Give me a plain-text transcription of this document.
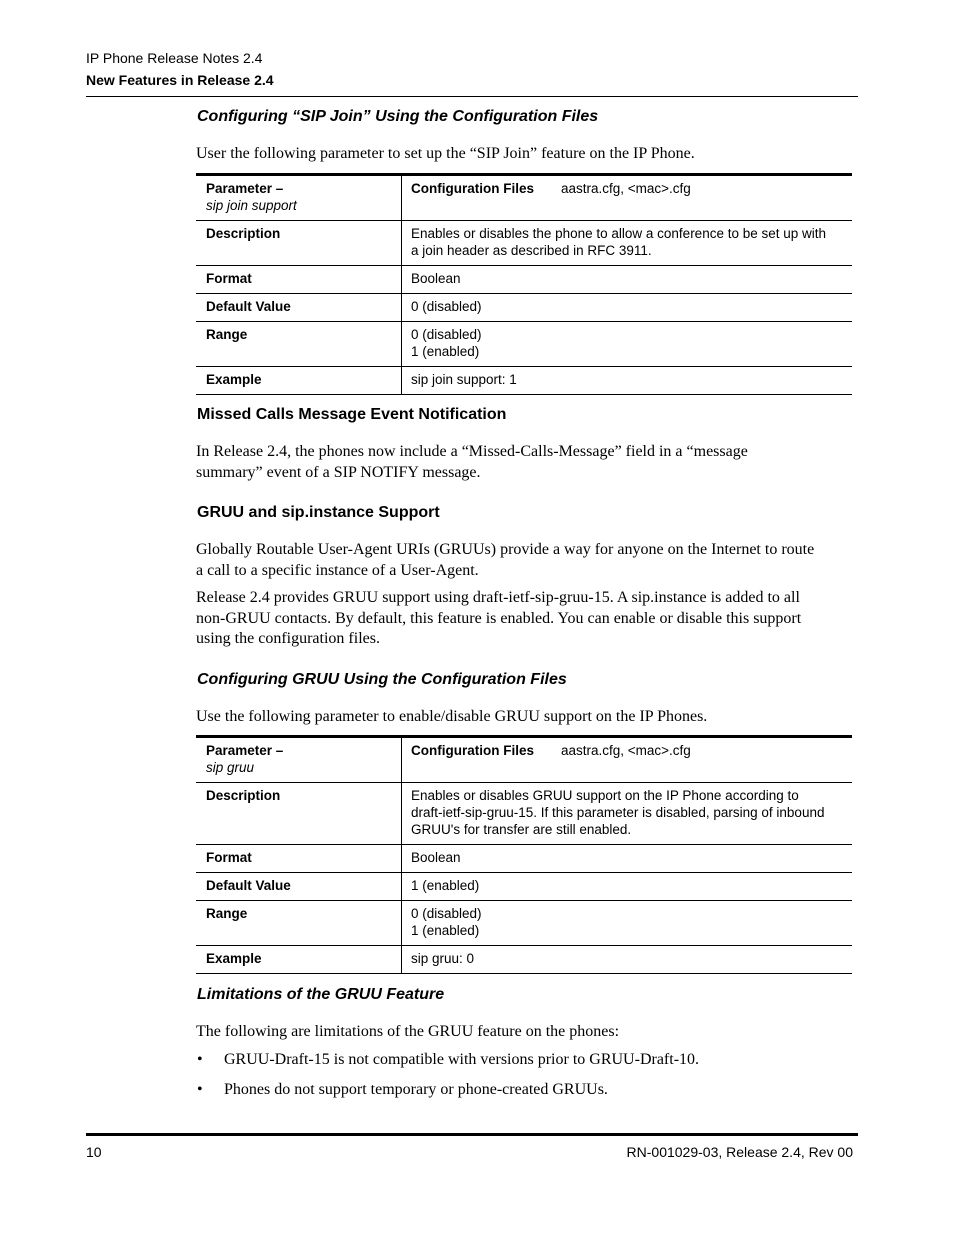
IP Phone Release Notes 2.4
New Features in Release 2.4
Configuring “SIP Join” Using the Configuration Files
User the following parameter to set up the “SIP Join” feature on the IP Phone.
Parameter –
sip join support	Configuration Files aastra.cfg, <mac>.cfg
Description	Enables or disables the phone to allow a conference to be set up with
a join header as described in RFC 3911.

Format	Boolean
Default Value	0 (disabled)
Range	0 (disabled)
1 (enabled)

Example	sip join support: 1
Missed Calls Message Event Notification
In Release 2.4, the phones now include a “Missed-Calls-Message” field in a “message
summary” event of a SIP NOTIFY message.
GRUU and sip.instance Support
Globally Routable User-Agent URIs (GRUUs) provide a way for anyone on the Internet to route
a call to a specific instance of a User-Agent.
Release 2.4 provides GRUU support using draft-ietf-sip-gruu-15. A sip.instance is added to all
non-GRUU contacts. By default, this feature is enabled. You can enable or disable this support
using the configuration files.
Configuring GRUU Using the Configuration Files
Use the following parameter to enable/disable GRUU support on the IP Phones.
Parameter –
sip gruu	Configuration Files aastra.cfg, <mac>.cfg
Description	Enables or disables GRUU support on the IP Phone according to
draft-ietf-sip-gruu-15. If this parameter is disabled, parsing of inbound
GRUU's for transfer are still enabled.

Format	Boolean
Default Value	1 (enabled)
Range	0 (disabled)
1 (enabled)

Example	sip gruu: 0
Limitations of the GRUU Feature
The following are limitations of the GRUU feature on the phones:
• GRUU-Draft-15 is not compatible with versions prior to GRUU-Draft-10.
• Phones do not support temporary or phone-created GRUUs.
10	RN-001029-03, Release 2.4, Rev 00
